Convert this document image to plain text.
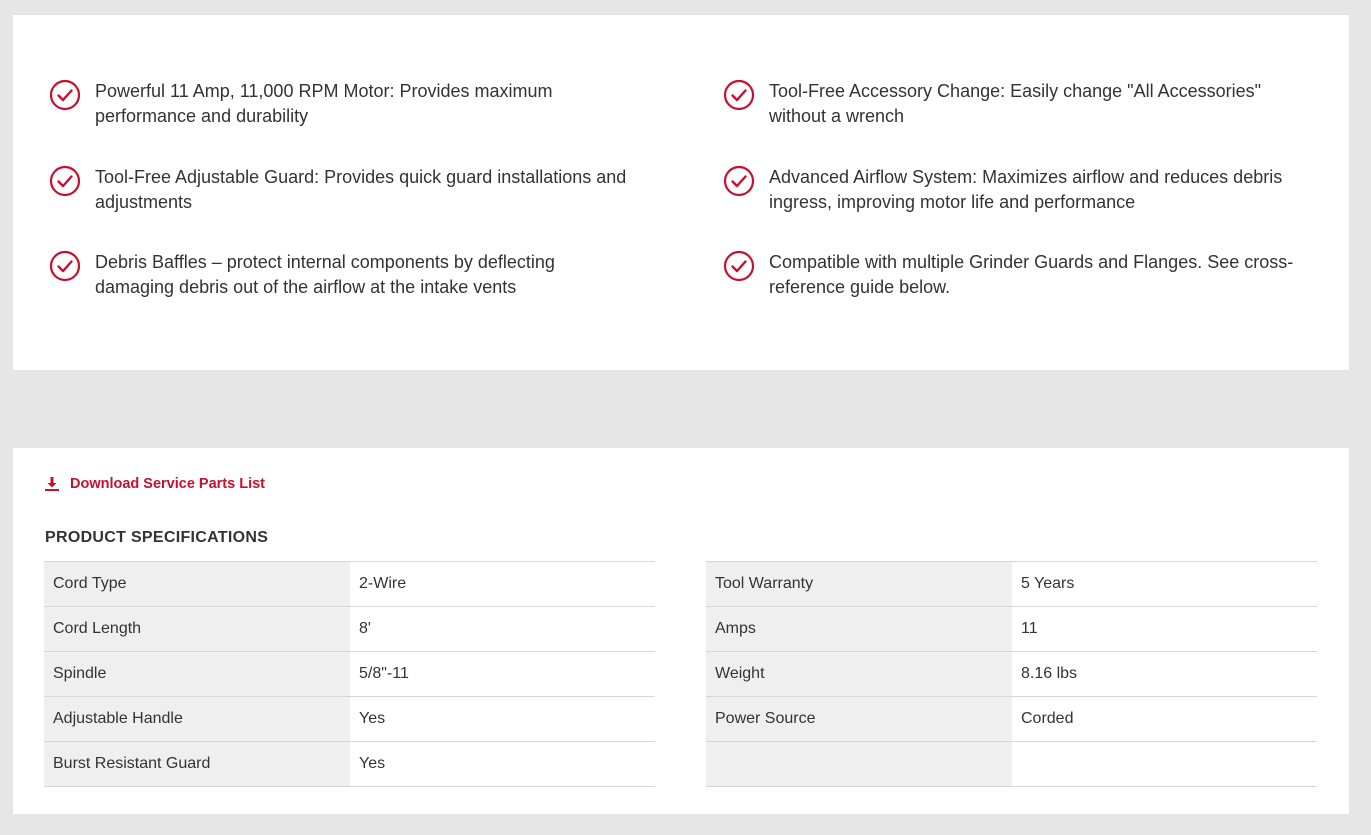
Powerful 11 Amp, 11,000 RPM Motor: Provides maximum performance and durability
Tool-Free Accessory Change: Easily change "All Accessories" without a wrench
Tool-Free Adjustable Guard: Provides quick guard installations and adjustments
Advanced Airflow System: Maximizes airflow and reduces debris ingress, improving motor life and performance
Debris Baffles – protect internal components by deflecting damaging debris out of the airflow at the intake vents
Compatible with multiple Grinder Guards and Flanges. See cross-reference guide below.
Download Service Parts List
PRODUCT SPECIFICATIONS
Cord Type	2-Wire
Cord Length	8'
Spindle	5/8"-11
Adjustable Handle	Yes
Burst Resistant Guard	Yes
Tool Warranty	5 Years
Amps	11
Weight	8.16 lbs
Power Source	Corded
